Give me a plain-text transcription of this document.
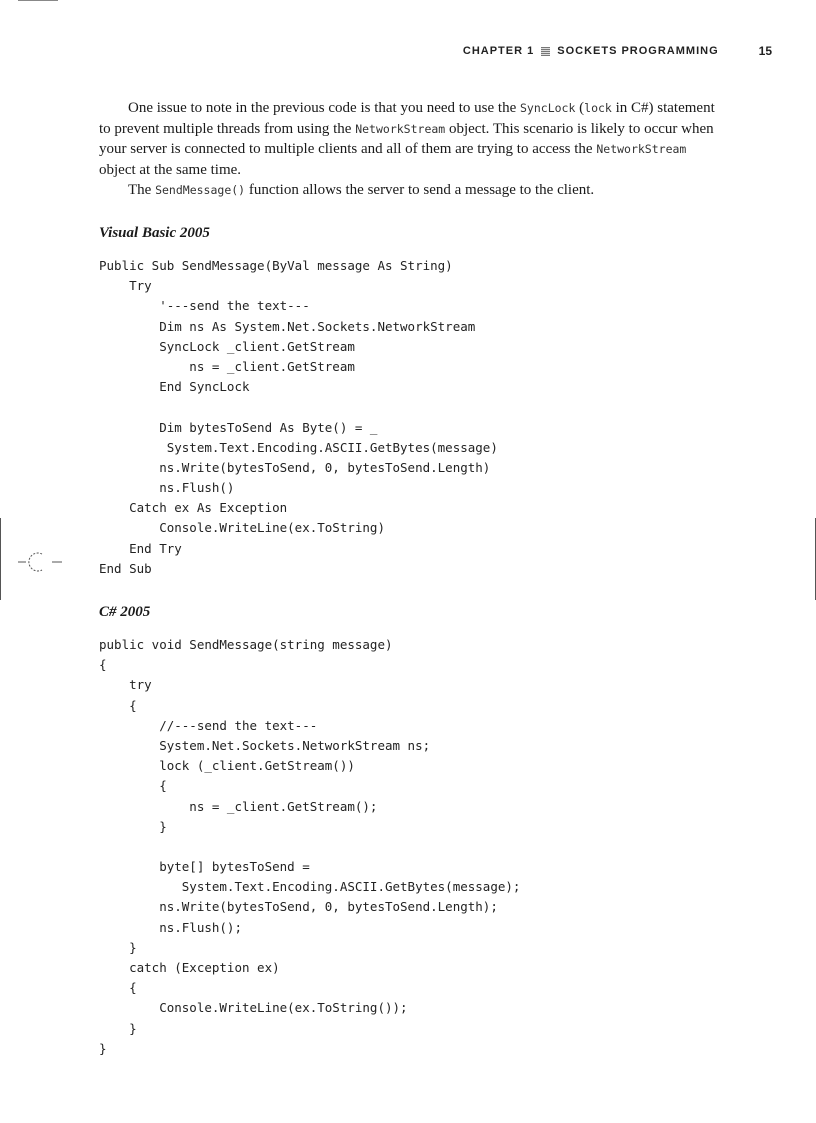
CHAPTER 1 SOCKETS PROGRAMMING	15

One issue to note in the previous code is that you need to use the SyncLock (lock in C#) statement to prevent multiple threads from using the NetworkStream object. This scenario is likely to occur when your server is connected to multiple clients and all of them are trying to access the NetworkStream object at the same time.

The SendMessage() function allows the server to send a message to the client.

Visual Basic 2005
Public Sub SendMessage(ByVal message As String)
Try
'---send the text---
Dim ns As System.Net.Sockets.NetworkStream
SyncLock _client.GetStream
ns = _client.GetStream
End SyncLock
Dim bytesToSend As Byte() = _
System.Text.Encoding.ASCII.GetBytes(message)
ns.Write(bytesToSend, 0, bytesToSend.Length)
ns.Flush()
Catch ex As Exception
Console.WriteLine(ex.ToString)
End Try
End Sub
C# 2005
public void SendMessage(string message)
{
try
{
//---send the text---
System.Net.Sockets.NetworkStream ns;
lock (_client.GetStream())
{
ns = _client.GetStream();
}
byte[] bytesToSend =
System.Text.Encoding.ASCII.GetBytes(message);
ns.Write(bytesToSend, 0, bytesToSend.Length);
ns.Flush();
}
catch (Exception ex)
{
Console.WriteLine(ex.ToString());
}
}
